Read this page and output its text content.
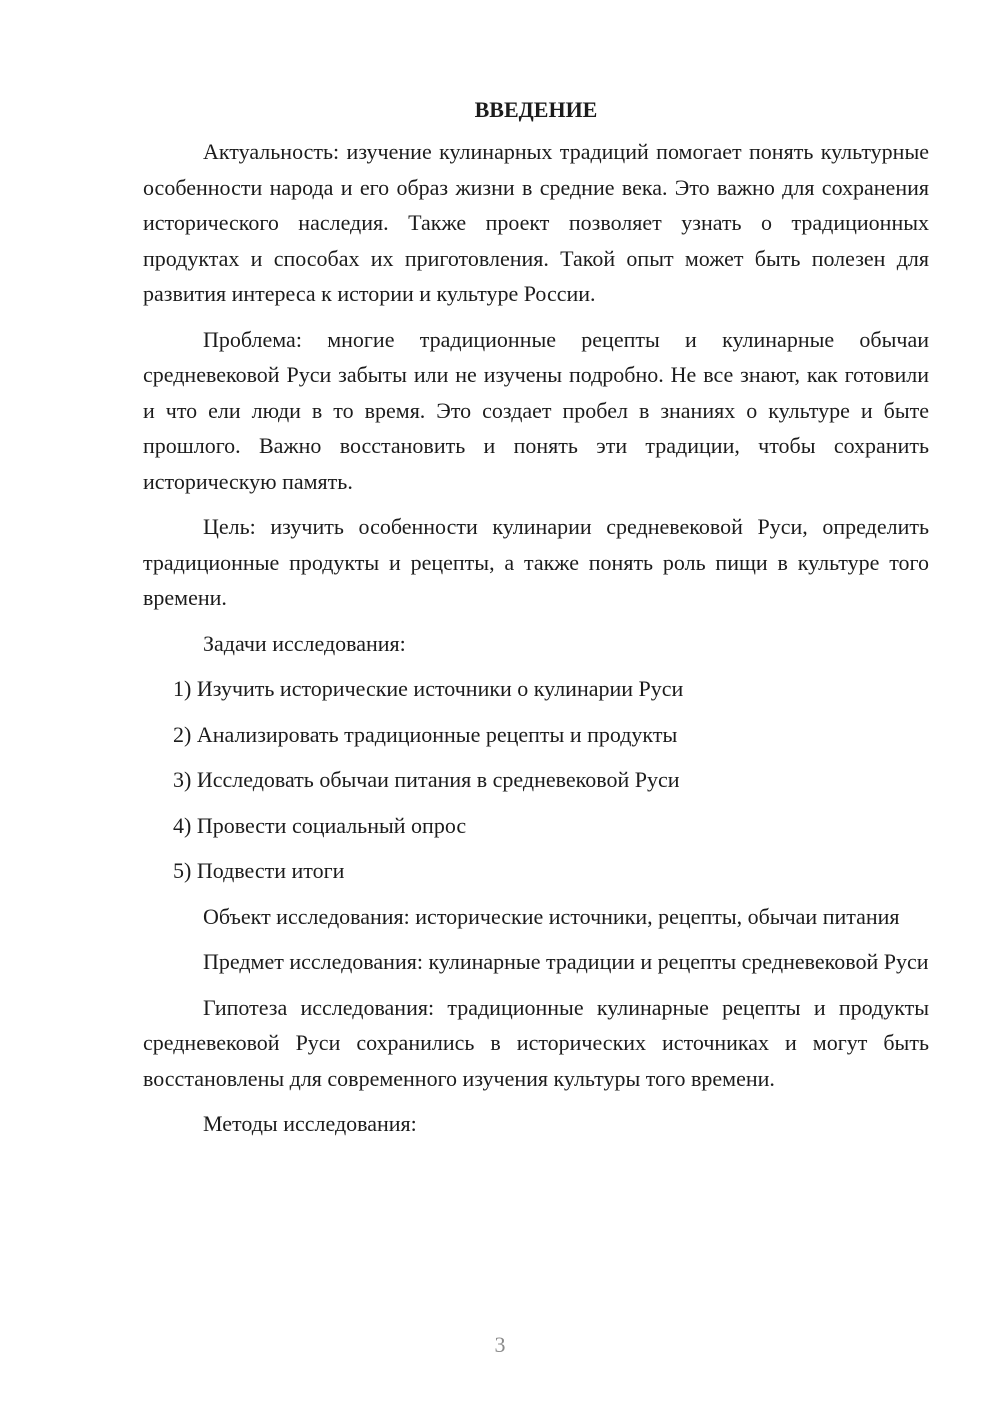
ВВЕДЕНИЕ

Актуальность: изучение кулинарных традиций помогает понять культурные особенности народа и его образ жизни в средние века. Это важно для сохранения исторического наследия. Также проект позволяет узнать о традиционных продуктах и способах их приготовления. Такой опыт может быть полезен для развития интереса к истории и культуре России.

Проблема: многие традиционные рецепты и кулинарные обычаи средневековой Руси забыты или не изучены подробно. Не все знают, как готовили и что ели люди в то время. Это создает пробел в знаниях о культуре и быте прошлого. Важно восстановить и понять эти традиции, чтобы сохранить историческую память.

Цель: изучить особенности кулинарии средневековой Руси, определить традиционные продукты и рецепты, а также понять роль пищи в культуре того времени.

Задачи исследования:

1) Изучить исторические источники о кулинарии Руси
2) Анализировать традиционные рецепты и продукты
3) Исследовать обычаи питания в средневековой Руси
4) Провести социальный опрос
5) Подвести итоги

Объект исследования: исторические источники, рецепты, обычаи питания

Предмет исследования: кулинарные традиции и рецепты средневековой Руси

Гипотеза исследования: традиционные кулинарные рецепты и продукты средневековой Руси сохранились в исторических источниках и могут быть восстановлены для современного изучения культуры того времени.

Методы исследования:

3
